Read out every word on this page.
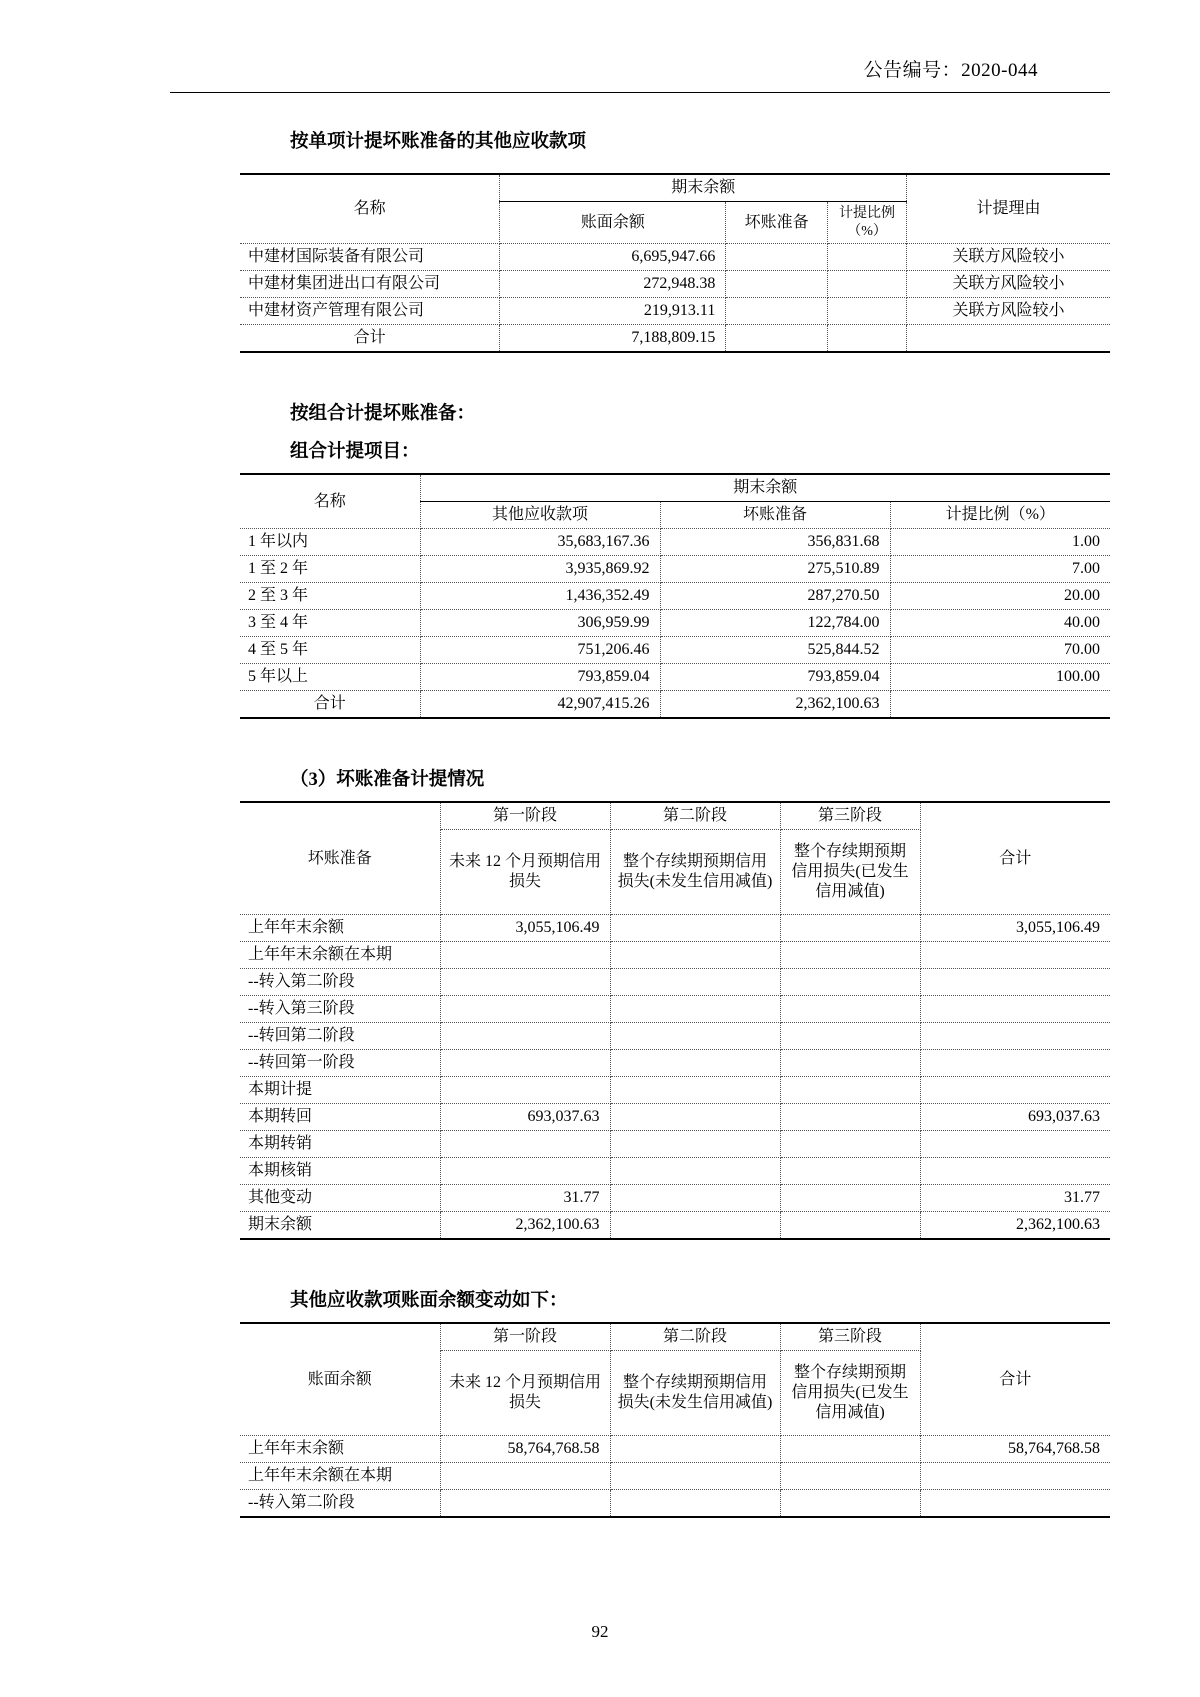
公告编号：2020-044
按单项计提坏账准备的其他应收款项
名称	期末余额			计提理由
	账面余额	坏账准备	计提比例（%）	
中建材国际装备有限公司	6,695,947.66			关联方风险较小
中建材集团进出口有限公司	272,948.38			关联方风险较小
中建材资产管理有限公司	219,913.11			关联方风险较小
合计	7,188,809.15			
按组合计提坏账准备：
组合计提项目：
名称	期末余额		
	其他应收款项	坏账准备	计提比例（%）
1 年以内	35,683,167.36	356,831.68	1.00
1 至 2 年	3,935,869.92	275,510.89	7.00
2 至 3 年	1,436,352.49	287,270.50	20.00
3 至 4 年	306,959.99	122,784.00	40.00
4 至 5 年	751,206.46	525,844.52	70.00
5 年以上	793,859.04	793,859.04	100.00
合计	42,907,415.26	2,362,100.63	
（3）坏账准备计提情况
坏账准备	第一阶段	第二阶段	第三阶段	合计
	未来 12 个月预期信用损失	整个存续期预期信用损失(未发生信用减值)	整个存续期预期信用损失(已发生信用减值)	
上年年末余额	3,055,106.49			3,055,106.49
上年年末余额在本期				
--转入第二阶段				
--转入第三阶段				
--转回第二阶段				
--转回第一阶段				
本期计提				
本期转回	693,037.63			693,037.63
本期转销				
本期核销				
其他变动	31.77			31.77
期末余额	2,362,100.63			2,362,100.63
其他应收款项账面余额变动如下：
账面余额	第一阶段	第二阶段	第三阶段	合计
	未来 12 个月预期信用损失	整个存续期预期信用损失(未发生信用减值)	整个存续期预期信用损失(已发生信用减值)	
上年年末余额	58,764,768.58			58,764,768.58
上年年末余额在本期				
--转入第二阶段				
92
